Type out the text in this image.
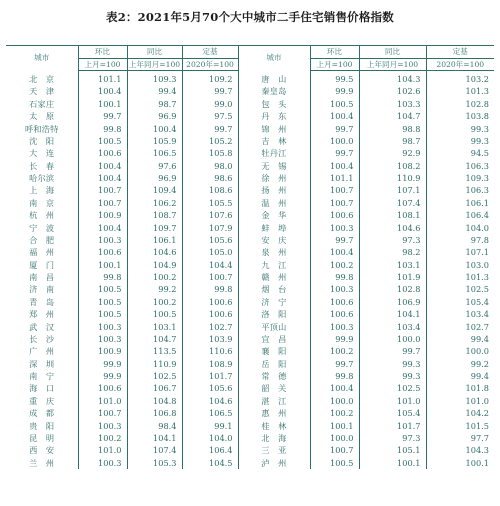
表2：2021年5月70个大中城市二手住宅销售价格指数
城市	环比	同比	定基	城市	环比	同比	定基
	上月=100	上年同月=100	2020年=100		上月=100	上年同月=100	2020年=100
北　京	101.1	109.3	109.2	唐　山	99.5	104.3	103.2
天　津	100.4	99.4	99.7	秦皇岛	99.9	102.6	101.3
石家庄	100.1	98.7	99.0	包　头	100.5	103.3	102.8
太　原	99.7	96.9	97.5	丹　东	100.4	104.7	103.8
呼和浩特	99.8	100.4	99.7	锦　州	99.7	98.8	99.3
沈　阳	100.5	105.9	105.2	吉　林	100.0	98.7	99.3
大　连	100.6	106.5	105.8	牡丹江	99.7	92.9	94.5
长　春	100.4	97.6	98.0	无　锡	100.4	108.2	106.3
哈尔滨	100.4	96.9	98.6	徐　州	101.1	110.9	109.3
上　海	100.7	109.4	108.6	扬　州	100.7	107.1	106.3
南　京	100.7	106.2	105.5	温　州	100.7	107.4	106.1
杭　州	100.9	108.7	107.6	金　华	100.6	108.1	106.4
宁　波	100.4	109.7	107.9	蚌　埠	100.3	104.6	104.0
合　肥	100.3	106.1	105.6	安　庆	99.7	97.3	97.8
福　州	100.6	104.6	105.0	泉　州	100.4	98.2	107.1
厦　门	100.1	104.9	104.4	九　江	100.2	103.1	103.0
南　昌	99.8	100.2	100.7	赣　州	99.8	101.9	101.3
济　南	100.5	99.2	99.8	烟　台	100.3	102.8	102.5
青　岛	100.5	100.2	100.6	济　宁	100.6	106.9	105.4
郑　州	100.5	100.5	100.6	洛　阳	100.6	104.1	103.4
武　汉	100.3	103.1	102.7	平顶山	100.3	103.4	102.7
长　沙	100.3	104.7	103.9	宜　昌	99.9	100.0	99.4
广　州	100.9	113.5	110.6	襄　阳	100.2	99.7	100.0
深　圳	99.9	110.9	108.9	岳　阳	99.7	99.3	99.2
南　宁	99.9	102.5	101.7	常　德	99.8	99.3	99.4
海　口	100.6	106.7	105.6	韶　关	100.4	102.5	101.8
重　庆	101.0	104.8	104.6	湛　江	100.0	101.0	101.0
成　都	100.7	106.8	106.5	惠　州	100.2	105.4	104.2
贵　阳	100.3	98.4	99.1	桂　林	100.1	101.7	101.5
昆　明	100.2	104.1	104.0	北　海	100.0	97.3	97.7
西　安	101.0	107.4	106.4	三　亚	100.7	105.1	104.3
兰　州	100.3	105.3	104.5	泸　州	100.5	100.1	100.1
